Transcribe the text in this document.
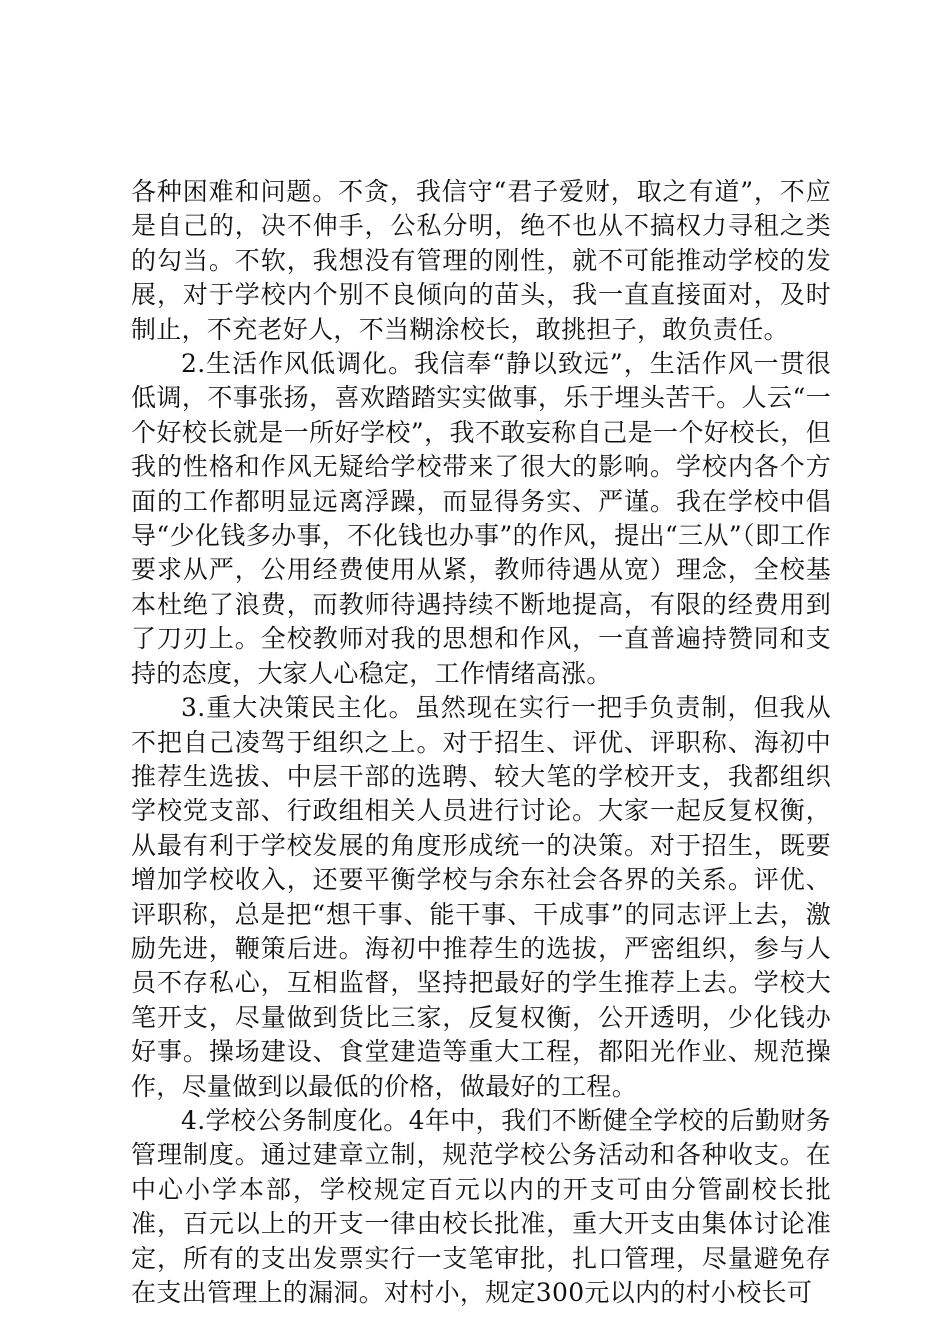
各种困难和问题。不贪，我信守“君子爱财，取之有道”，不应是自己的，决不伸手，公私分明，绝不也从不搞权力寻租之类的勾当。不软，我想没有管理的刚性，就不可能推动学校的发展，对于学校内个别不良倾向的苗头，我一直直接面对，及时制止，不充老好人，不当糊涂校长，敢挑担子，敢负责任。

2.生活作风低调化。我信奉“静以致远”，生活作风一贯很低调，不事张扬，喜欢踏踏实实做事，乐于埋头苦干。人云“一个好校长就是一所好学校”，我不敢妄称自己是一个好校长，但我的性格和作风无疑给学校带来了很大的影响。学校内各个方面的工作都明显远离浮躁，而显得务实、严谨。我在学校中倡导“少化钱多办事，不化钱也办事”的作风，提出“三从”（即工作要求从严，公用经费使用从紧，教师待遇从宽）理念，全校基本杜绝了浪费，而教师待遇持续不断地提高，有限的经费用到了刀刃上。全校教师对我的思想和作风，一直普遍持赞同和支持的态度，大家人心稳定，工作情绪高涨。

3.重大决策民主化。虽然现在实行一把手负责制，但我从不把自己凌驾于组织之上。对于招生、评优、评职称、海初中推荐生选拔、中层干部的选聘、较大笔的学校开支，我都组织学校党支部、行政组相关人员进行讨论。大家一起反复权衡，从最有利于学校发展的角度形成统一的决策。对于招生，既要增加学校收入，还要平衡学校与余东社会各界的关系。评优、评职称，总是把“想干事、能干事、干成事”的同志评上去，激励先进，鞭策后进。海初中推荐生的选拔，严密组织，参与人员不存私心，互相监督，坚持把最好的学生推荐上去。学校大笔开支，尽量做到货比三家，反复权衡，公开透明，少化钱办好事。操场建设、食堂建造等重大工程，都阳光作业、规范操作，尽量做到以最低的价格，做最好的工程。

4.学校公务制度化。4年中，我们不断健全学校的后勤财务管理制度。通过建章立制，规范学校公务活动和各种收支。在中心小学本部，学校规定百元以内的开支可由分管副校长批准，百元以上的开支一律由校长批准，重大开支由集体讨论准定，所有的支出发票实行一支笔审批，扎口管理，尽量避免存在支出管理上的漏洞。对村小，规定300元以内的村小校长可
